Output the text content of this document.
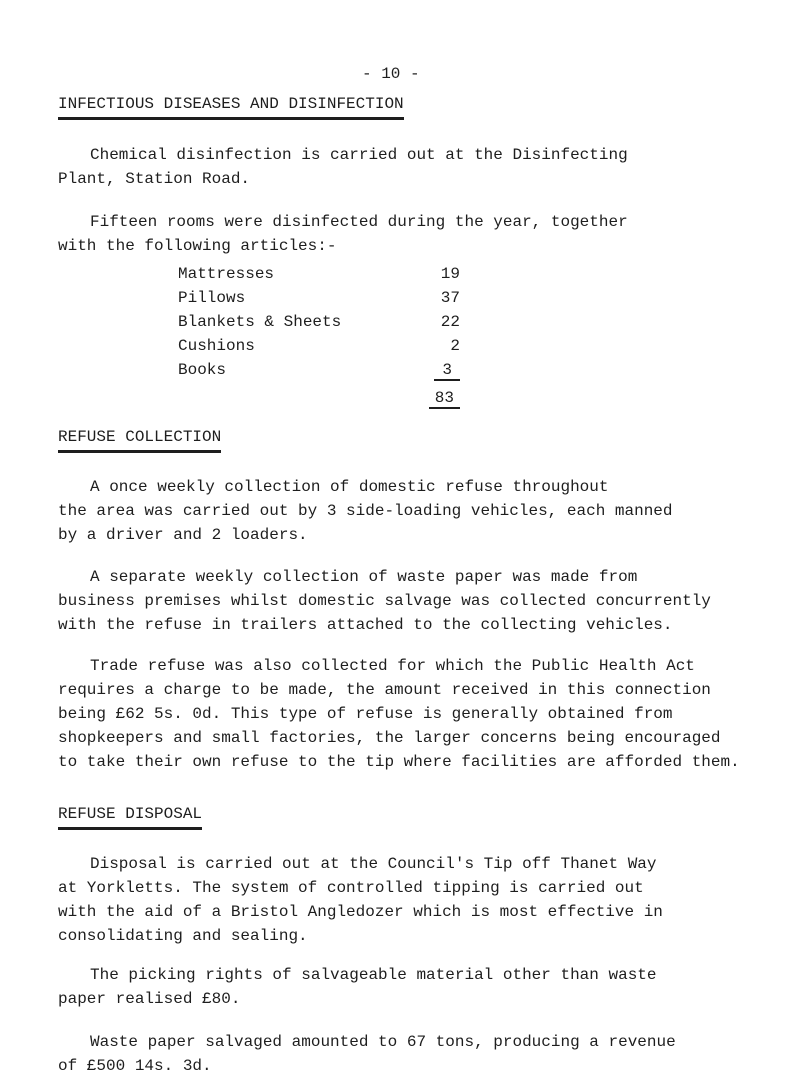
- 10 -
INFECTIOUS DISEASES AND DISINFECTION
Chemical disinfection is carried out at the Disinfecting
Plant, Station Road.
Fifteen rooms were disinfected during the year, together
with the following articles:-
Mattresses	19
Pillows	37
Blankets & Sheets	22
Cushions	2
Books	3
83
REFUSE COLLECTION
A once weekly collection of domestic refuse throughout
the area was carried out by 3 side-loading vehicles, each manned
by a driver and 2 loaders.
A separate weekly collection of waste paper was made from
business premises whilst domestic salvage was collected concurrently
with the refuse in trailers attached to the collecting vehicles.
Trade refuse was also collected for which the Public Health Act
requires a charge to be made, the amount received in this connection
being £62 5s. 0d. This type of refuse is generally obtained from
shopkeepers and small factories, the larger concerns being encouraged
to take their own refuse to the tip where facilities are afforded them.
REFUSE DISPOSAL
Disposal is carried out at the Council's Tip off Thanet Way
at Yorkletts. The system of controlled tipping is carried out
with the aid of a Bristol Angledozer which is most effective in
consolidating and sealing.
The picking rights of salvageable material other than waste
paper realised £80.
Waste paper salvaged amounted to 67 tons, producing a revenue
of £500 14s. 3d.
